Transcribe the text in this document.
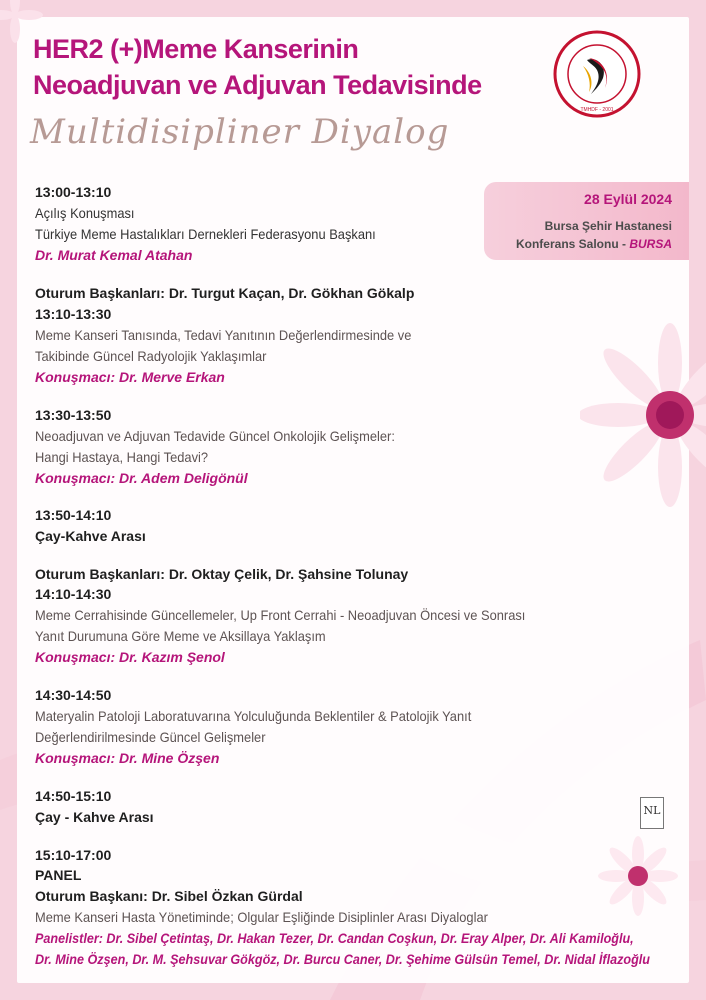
HER2 (+)Meme Kanserinin
Neoadjuvan ve Adjuvan Tedavisinde
Multidisipliner Diyalog
TMHDF - 2001
28 Eylül 2024
Bursa Şehir Hastanesi
Konferans Salonu - BURSA
13:00-13:10
Açılış Konuşması
Türkiye Meme Hastalıkları Dernekleri Federasyonu Başkanı
Dr. Murat Kemal Atahan
Oturum Başkanları: Dr. Turgut Kaçan, Dr. Gökhan Gökalp
13:10-13:30
Meme Kanseri Tanısında, Tedavi Yanıtının Değerlendirmesinde ve
Takibinde Güncel Radyolojik Yaklaşımlar
Konuşmacı: Dr. Merve Erkan
13:30-13:50
Neoadjuvan ve Adjuvan Tedavide Güncel Onkolojik Gelişmeler:
Hangi Hastaya, Hangi Tedavi?
Konuşmacı: Dr. Adem Deligönül
13:50-14:10
Çay-Kahve Arası
Oturum Başkanları: Dr. Oktay Çelik, Dr. Şahsine Tolunay
14:10-14:30
Meme Cerrahisinde Güncellemeler, Up Front Cerrahi - Neoadjuvan Öncesi ve Sonrası
Yanıt Durumuna Göre Meme ve Aksillaya Yaklaşım
Konuşmacı: Dr. Kazım Şenol
14:30-14:50
Materyalin Patoloji Laboratuvarına Yolculuğunda Beklentiler & Patolojik Yanıt
Değerlendirilmesinde Güncel Gelişmeler
Konuşmacı: Dr. Mine Özşen
14:50-15:10
Çay - Kahve Arası
15:10-17:00
PANEL
Oturum Başkanı: Dr. Sibel Özkan Gürdal
Meme Kanseri Hasta Yönetiminde; Olgular Eşliğinde Disiplinler Arası Diyaloglar
Panelistler: Dr. Sibel Çetintaş, Dr. Hakan Tezer, Dr. Candan Coşkun, Dr. Eray Alper, Dr. Ali Kamiloğlu,
Dr. Mine Özşen, Dr. M. Şehsuvar Gökgöz, Dr. Burcu Caner, Dr. Şehime Gülsün Temel, Dr. Nidal İflazoğlu
NL
